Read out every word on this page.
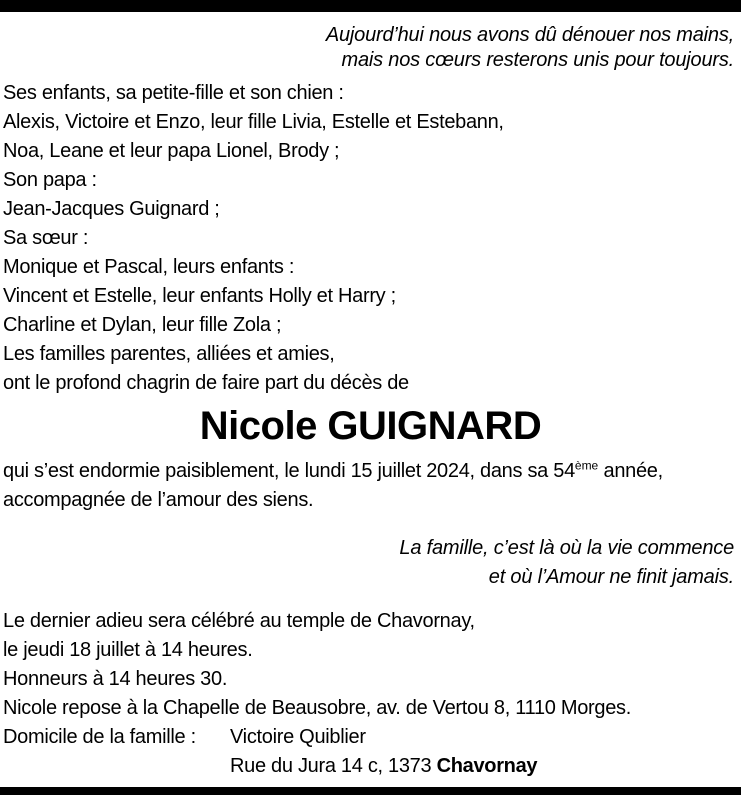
Aujourd’hui nous avons dû dénouer nos mains,
mais nos cœurs resterons unis pour toujours.
Ses enfants, sa petite-fille et son chien :
Alexis, Victoire et Enzo, leur fille Livia, Estelle et Estebann,
Noa, Leane et leur papa Lionel, Brody ;
Son papa :
Jean-Jacques Guignard ;
Sa sœur :
Monique et Pascal, leurs enfants :
Vincent et Estelle, leur enfants Holly et Harry ;
Charline et Dylan, leur fille Zola ;
Les familles parentes, alliées et amies,
ont le profond chagrin de faire part du décès de
Nicole GUIGNARD
qui s’est endormie paisiblement, le lundi 15 juillet 2024, dans sa 54ème année,
accompagnée de l’amour des siens.
La famille, c’est là où la vie commence
et où l’Amour ne finit jamais.
Le dernier adieu sera célébré au temple de Chavornay,
le jeudi 18 juillet à 14 heures.
Honneurs à 14 heures 30.
Nicole repose à la Chapelle de Beausobre, av. de Vertou 8, 1110 Morges.
Domicile de la famille : Victoire Quiblier
Rue du Jura 14 c, 1373 Chavornay
